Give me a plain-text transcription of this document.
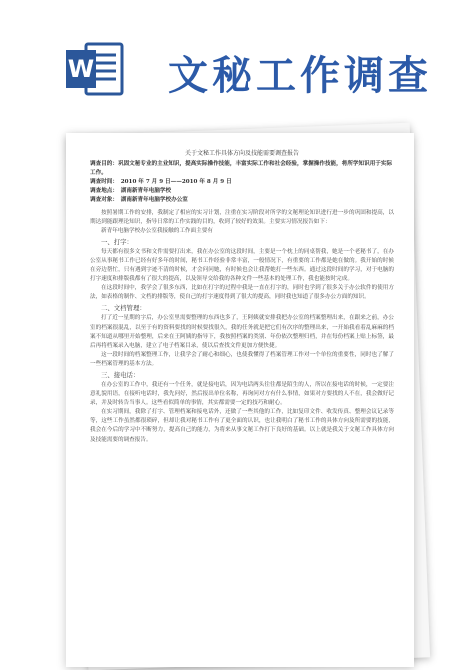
W 文秘工作调查

关于文秘工作具体方向及技能需要调查报告

调查目的：巩固文秘专业的主业知识，提高实际操作技能，丰富实际工作和社会经验，掌握操作技能，将所学知识用于实际工作。

调查时间：　2010 年 7 月 9 日——2010 年 8 月 9 日

调查地点：　湖南新青年电脑学校

调查对象：　湖南新青年电脑学校办公室

按照暑期工作的安排，我制定了相应的实习计划，注重在实习阶段对所学的文秘理论知识进行进一步的巩固和提高，以期达到能跟理论知识，指导日常的工作实践的目的，收到了较好的效果。主要实习情况报告如下：

新青年电脑学校办公室我接触的工作面主要有

一、打字：

每天都有很多文书和文件需要打出来，我在办公室的这段时间，主要是一个枕上的同桌帮我，她是一个老秘书了，在办公室从事秘书工作已经有好多年的时间，秘书工作经验非常丰富，一般情况下，有重要的工作都是她在做的。我开始的时候在旁边帮忙，只有遇到字迹不清的时候，才会问问她，有时候也会让我帮她打一些东西。通过这段时间的学习，对于电脑的打字速度和排版我都有了很大的提高，以及领导交给我的各种文件一些基本的处理工作，我也能按时完成。

在这段时间中，我学会了很多东西，比如在打字的过程中我是一直在打字的，同时也学到了很多关于办公软件的使用方法，如表格的制作、文档的排版等，使自己的打字速度得到了很大的提高，同时我也知道了很多办公方面的知识。

二、文档管理：

打了近一星期的字后，办公室里需要整理的东西也多了，王阿姨就安排我把办公室的档案整理出来，在跟来之前，办公室的档案很混乱，以至于有的资料要找的时候要找很久，我的任务就是把它们有次序的整理出来，一开始我看着乱麻麻的档案不知道从哪里开始整理，后来在王阿姨的指导下，我按照档案的类别、年份依次整理归档，并在每份档案上贴上标签，最后再将档案录入电脑，建立了电子档案目录，使以后查找文件更加方便快捷。

这一段时间的档案整理工作，让我学会了耐心和细心，也使我懂得了档案管理工作对一个单位的重要性，同时也了解了一些档案管理的基本方法。

三、接电话：

在办公室的工作中，我还有一个任务，就是接电话，因为电话两头往往都是陌生的人，所以在接电话的时候，一定要注意礼貌用语，在接听电话时，我先问好，然后报出单位名称，再询问对方有什么事情，如果对方要找的人不在，我会做好记录，并及时转告当事人。这些看似简单的事情，其实都需要一定的技巧和耐心。

在实习期间，我除了打字、管理档案和接电话外，还做了一些其他的工作，比如复印文件、收发传真、整理会议记录等等，这些工作虽然都很琐碎，但却让我对秘书工作有了更全面的认识，也让我明白了秘书工作的具体方向及所需要的技能，我会在今后的学习中不断努力，提高自己的能力，为将来从事文秘工作打下良好的基础。以上就是我关于文秘工作具体方向及技能需要的调查报告。
